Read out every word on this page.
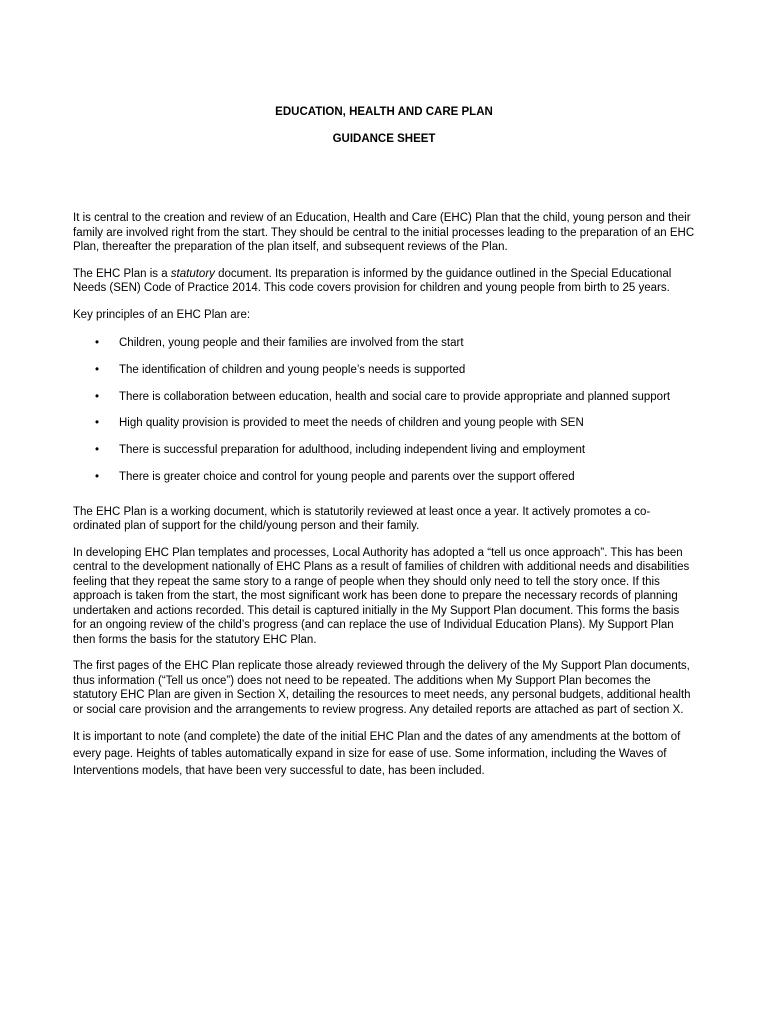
EDUCATION, HEALTH AND CARE PLAN
GUIDANCE SHEET

It is central to the creation and review of an Education, Health and Care (EHC) Plan that the child, young person and their family are involved right from the start. They should be central to the initial processes leading to the preparation of an EHC Plan, thereafter the preparation of the plan itself, and subsequent reviews of the Plan.

The EHC Plan is a statutory document. Its preparation is informed by the guidance outlined in the Special Educational Needs (SEN) Code of Practice 2014. This code covers provision for children and young people from birth to 25 years.

Key principles of an EHC Plan are:

• Children, young people and their families are involved from the start
• The identification of children and young people’s needs is supported
• There is collaboration between education, health and social care to provide appropriate and planned support
• High quality provision is provided to meet the needs of children and young people with SEN
• There is successful preparation for adulthood, including independent living and employment
• There is greater choice and control for young people and parents over the support offered

The EHC Plan is a working document, which is statutorily reviewed at least once a year. It actively promotes a co-ordinated plan of support for the child/young person and their family.

In developing EHC Plan templates and processes, Local Authority has adopted a “tell us once approach”. This has been central to the development nationally of EHC Plans as a result of families of children with additional needs and disabilities feeling that they repeat the same story to a range of people when they should only need to tell the story once. If this approach is taken from the start, the most significant work has been done to prepare the necessary records of planning undertaken and actions recorded. This detail is captured initially in the My Support Plan document. This forms the basis for an ongoing review of the child’s progress (and can replace the use of Individual Education Plans). My Support Plan then forms the basis for the statutory EHC Plan.

The first pages of the EHC Plan replicate those already reviewed through the delivery of the My Support Plan documents, thus information (“Tell us once”) does not need to be repeated. The additions when My Support Plan becomes the statutory EHC Plan are given in Section X, detailing the resources to meet needs, any personal budgets, additional health or social care provision and the arrangements to review progress. Any detailed reports are attached as part of section X.

It is important to note (and complete) the date of the initial EHC Plan and the dates of any amendments at the bottom of every page. Heights of tables automatically expand in size for ease of use. Some information, including the Waves of Interventions models, that have been very successful to date, has been included.
